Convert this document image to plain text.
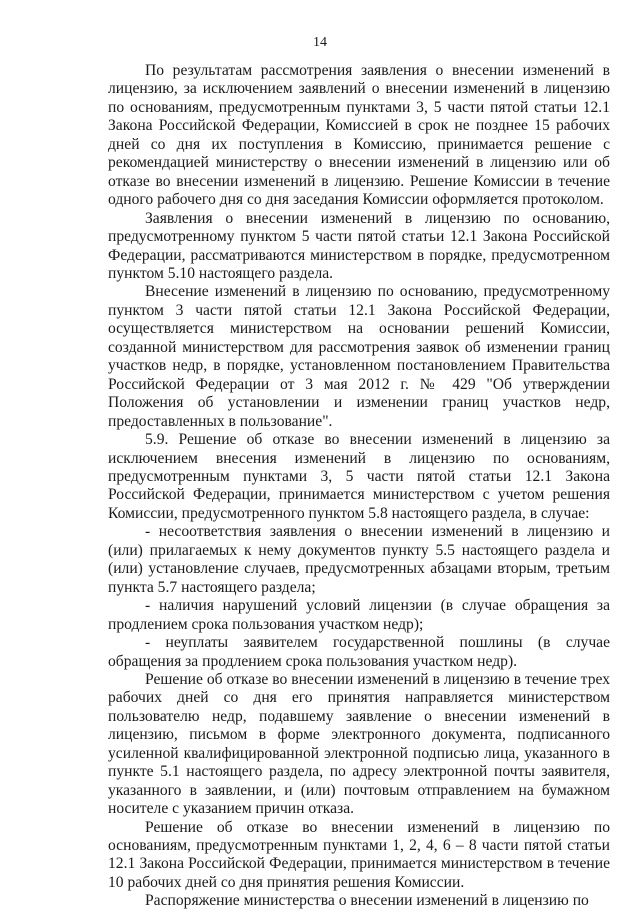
14

По результатам рассмотрения заявления о внесении изменений в лицензию, за исключением заявлений о внесении изменений в лицензию по основаниям, предусмотренным пунктами 3, 5 части пятой статьи 12.1 Закона Российской Федерации, Комиссией в срок не позднее 15 рабочих дней со дня их поступления в Комиссию, принимается решение с рекомендацией министерству о внесении изменений в лицензию или об отказе во внесении изменений в лицензию. Решение Комиссии в течение одного рабочего дня со дня заседания Комиссии оформляется протоколом.

Заявления о внесении изменений в лицензию по основанию, предусмотренному пунктом 5 части пятой статьи 12.1 Закона Российской Федерации, рассматриваются министерством в порядке, предусмотренном пунктом 5.10 настоящего раздела.

Внесение изменений в лицензию по основанию, предусмотренному пунктом 3 части пятой статьи 12.1 Закона Российской Федерации, осуществляется министерством на основании решений Комиссии, созданной министерством для рассмотрения заявок об изменении границ участков недр, в порядке, установленном постановлением Правительства Российской Федерации от 3 мая 2012 г. № 429 "Об утверждении Положения об установлении и изменении границ участков недр, предоставленных в пользование".

5.9. Решение об отказе во внесении изменений в лицензию за исключением внесения изменений в лицензию по основаниям, предусмотренным пунктами 3, 5 части пятой статьи 12.1 Закона Российской Федерации, принимается министерством с учетом решения Комиссии, предусмотренного пунктом 5.8 настоящего раздела, в случае:

- несоответствия заявления о внесении изменений в лицензию и (или) прилагаемых к нему документов пункту 5.5 настоящего раздела и (или) установление случаев, предусмотренных абзацами вторым, третьим пункта 5.7 настоящего раздела;

- наличия нарушений условий лицензии (в случае обращения за продлением срока пользования участком недр);

- неуплаты заявителем государственной пошлины (в случае обращения за продлением срока пользования участком недр).

Решение об отказе во внесении изменений в лицензию в течение трех рабочих дней со дня его принятия направляется министерством пользователю недр, подавшему заявление о внесении изменений в лицензию, письмом в форме электронного документа, подписанного усиленной квалифицированной электронной подписью лица, указанного в пункте 5.1 настоящего раздела, по адресу электронной почты заявителя, указанного в заявлении, и (или) почтовым отправлением на бумажном носителе с указанием причин отказа.

Решение об отказе во внесении изменений в лицензию по основаниям, предусмотренным пунктами 1, 2, 4, 6 – 8 части пятой статьи 12.1 Закона Российской Федерации, принимается министерством в течение 10 рабочих дней со дня принятия решения Комиссии.

Распоряжение министерства о внесении изменений в лицензию по
